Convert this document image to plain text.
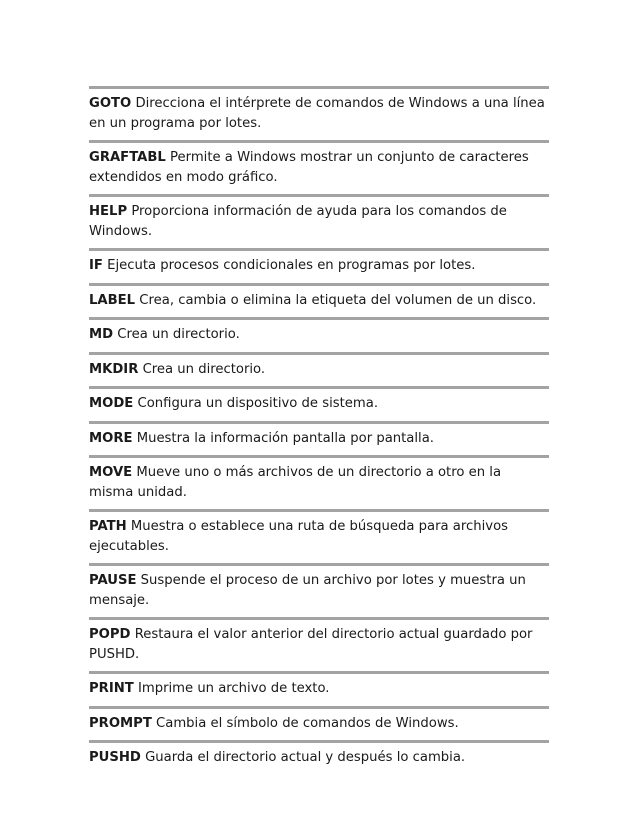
GOTO Direcciona el intérprete de comandos de Windows a una línea en un programa por lotes.
GRAFTABL Permite a Windows mostrar un conjunto de caracteres extendidos en modo gráfico.
HELP Proporciona información de ayuda para los comandos de Windows.
IF Ejecuta procesos condicionales en programas por lotes.
LABEL Crea, cambia o elimina la etiqueta del volumen de un disco.
MD Crea un directorio.
MKDIR Crea un directorio.
MODE Configura un dispositivo de sistema.
MORE Muestra la información pantalla por pantalla.
MOVE Mueve uno o más archivos de un directorio a otro en la misma unidad.
PATH Muestra o establece una ruta de búsqueda para archivos ejecutables.
PAUSE Suspende el proceso de un archivo por lotes y muestra un mensaje.
POPD Restaura el valor anterior del directorio actual guardado por PUSHD.
PRINT Imprime un archivo de texto.
PROMPT Cambia el símbolo de comandos de Windows.
PUSHD Guarda el directorio actual y después lo cambia.
